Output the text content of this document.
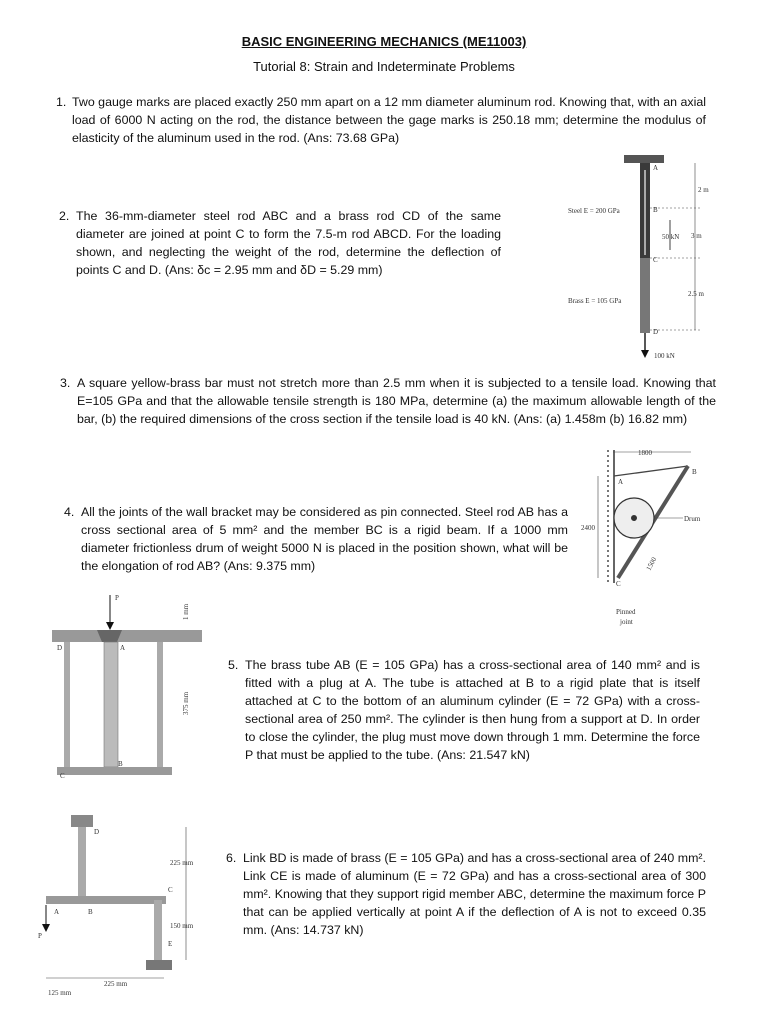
BASIC ENGINEERING MECHANICS (ME11003)
Tutorial 8: Strain and Indeterminate Problems
1. Two gauge marks are placed exactly 250 mm apart on a 12 mm diameter aluminum rod. Knowing that, with an axial load of 6000 N acting on the rod, the distance between the gage marks is 250.18 mm; determine the modulus of elasticity of the aluminum used in the rod. (Ans: 73.68 GPa)
2. The 36-mm-diameter steel rod ABC and a brass rod CD of the same diameter are joined at point C to form the 7.5-m rod ABCD. For the loading shown, and neglecting the weight of the rod, determine the deflection of points C and D. (Ans: δc = 2.95 mm and δD = 5.29 mm)
A
B
C
D
Steel E = 200 GPa
Brass E = 105 GPa
2 m
3 m
2.5 m
50 kN
100 kN
3. A square yellow-brass bar must not stretch more than 2.5 mm when it is subjected to a tensile load. Knowing that E=105 GPa and that the allowable tensile strength is 180 MPa, determine (a) the maximum allowable length of the bar, (b) the required dimensions of the cross section if the tensile load is 40 kN. (Ans: (a) 1.458m (b) 16.82 mm)
4. All the joints of the wall bracket may be considered as pin connected. Steel rod AB has a cross sectional area of 5 mm² and the member BC is a rigid beam. If a 1000 mm diameter frictionless drum of weight 5000 N is placed in the position shown, what will be the elongation of rod AB? (Ans: 9.375 mm)
1800
2400
1500
A
B
C
Drum
Pinned
joint
P
1 mm
375 mm
A
B
C
D
5. The brass tube AB (E = 105 GPa) has a cross-sectional area of 140 mm² and is fitted with a plug at A. The tube is attached at B to a rigid plate that is itself attached at C to the bottom of an aluminum cylinder (E = 72 GPa) with a cross-sectional area of 250 mm². The cylinder is then hung from a support at D. In order to close the cylinder, the plug must move down through 1 mm. Determine the force P that must be applied to the tube. (Ans: 21.547 kN)
D
A	B
C
E
P
225 mm
150 mm
225 mm
125 mm
6. Link BD is made of brass (E = 105 GPa) and has a cross-sectional area of 240 mm². Link CE is made of aluminum (E = 72 GPa) and has a cross-sectional area of 300 mm². Knowing that they support rigid member ABC, determine the maximum force P that can be applied vertically at point A if the deflection of A is not to exceed 0.35 mm. (Ans: 14.737 kN)
